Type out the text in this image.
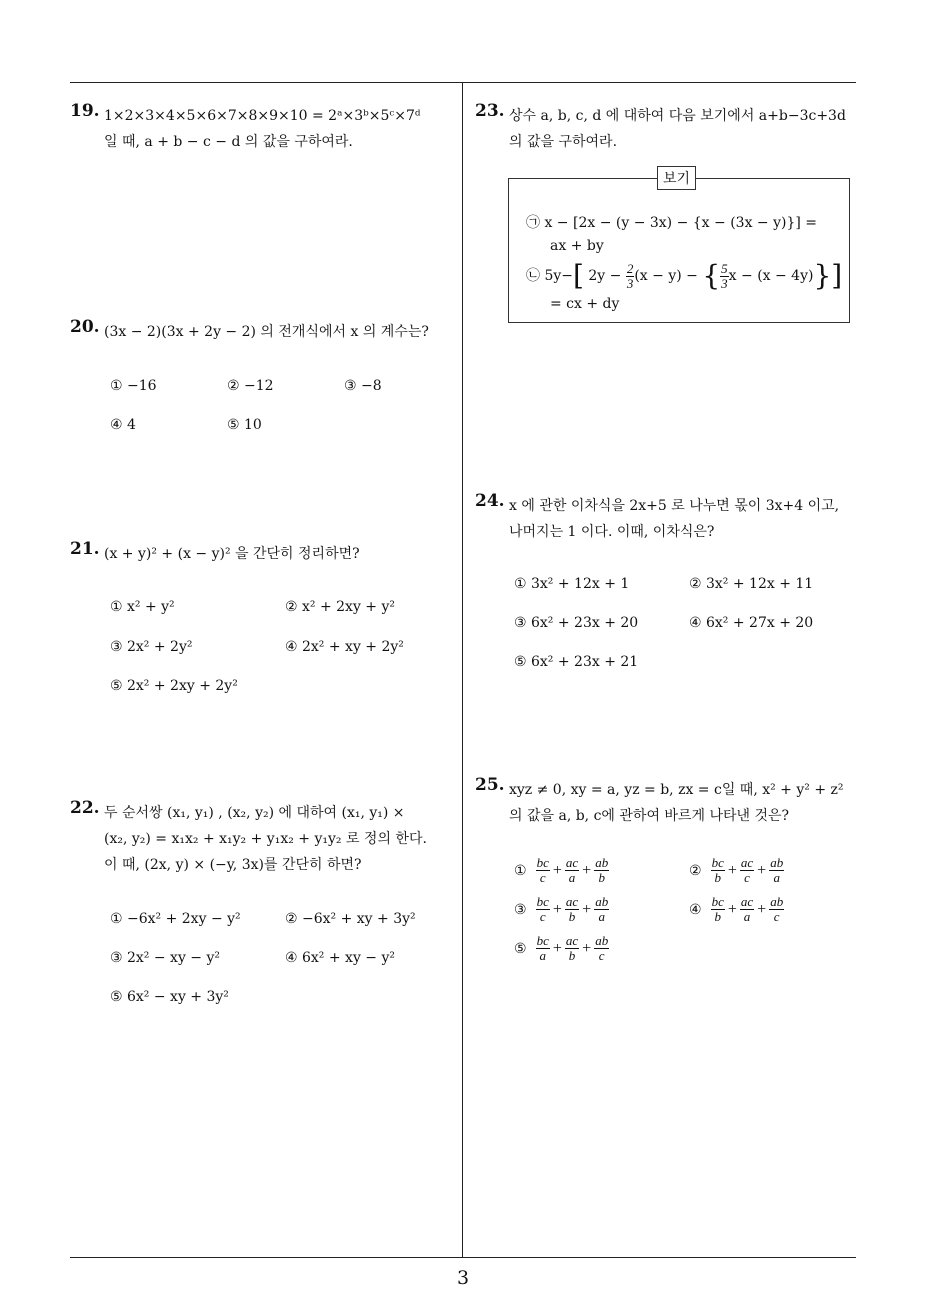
19. 1×2×3×4×5×6×7×8×9×10 = 2ᵃ×3ᵇ×5ᶜ×7ᵈ
일 때, a + b − c − d 의 값을 구하여라.
20. (3x − 2)(3x + 2y − 2) 의 전개식에서 x 의 계수는?
① −16	② −12	③ −8
④ 4	⑤ 10
21. (x + y)² + (x − y)² 을 간단히 정리하면?
① x² + y²	② x² + 2xy + y²
③ 2x² + 2y²	④ 2x² + xy + 2y²
⑤ 2x² + 2xy + 2y²
22. 두 순서쌍 (x₁, y₁) , (x₂, y₂) 에 대하여 (x₁, y₁) ×
(x₂, y₂) = x₁x₂ + x₁y₂ + y₁x₂ + y₁y₂ 로 정의 한다.
이 때, (2x, y) × (−y, 3x)를 간단히 하면?
① −6x² + 2xy − y²	② −6x² + xy + 3y²
③ 2x² − xy − y²	④ 6x² + xy − y²
⑤ 6x² − xy + 3y²
23. 상수 a, b, c, d 에 대하여 다음 보기에서 a+b−3c+3d
의 값을 구하여라.
보기
㉠ x − [2x − (y − 3x) − {x − (3x − y)}] =
ax + by
㉡ 5y−[ $2y - \frac{2}{3} (x - y)$ − { $\frac{5}{3}$ x − (x − 4y)}]
= cx + dy
24. x 에 관한 이차식을 2x+5 로 나누면 몫이 3x+4 이고,
나머지는 1 이다. 이때, 이차식은?
① 3x² + 12x + 1	② 3x² + 12x + 11
③ 6x² + 23x + 20	④ 6x² + 27x + 20
⑤ 6x² + 23x + 21
25. xyz ≠ 0, xy = a, yz = b, zx = c일 때, x² + y² + z²
의 값을 a, b, c에 관하여 바르게 나타낸 것은?
① $\frac{bc}{c} + \frac{ac}{a} + \frac{ab}{b}$	② $\frac{bc}{b} + \frac{ac}{c} + \frac{ab}{a}$
③ $\frac{bc}{c} + \frac{ac}{b} + \frac{ab}{a}$	④ $\frac{bc}{b} + \frac{ac}{a} + \frac{ab}{c}$
⑤ $\frac{bc}{a} + \frac{ac}{b} + \frac{ab}{c}$
3
